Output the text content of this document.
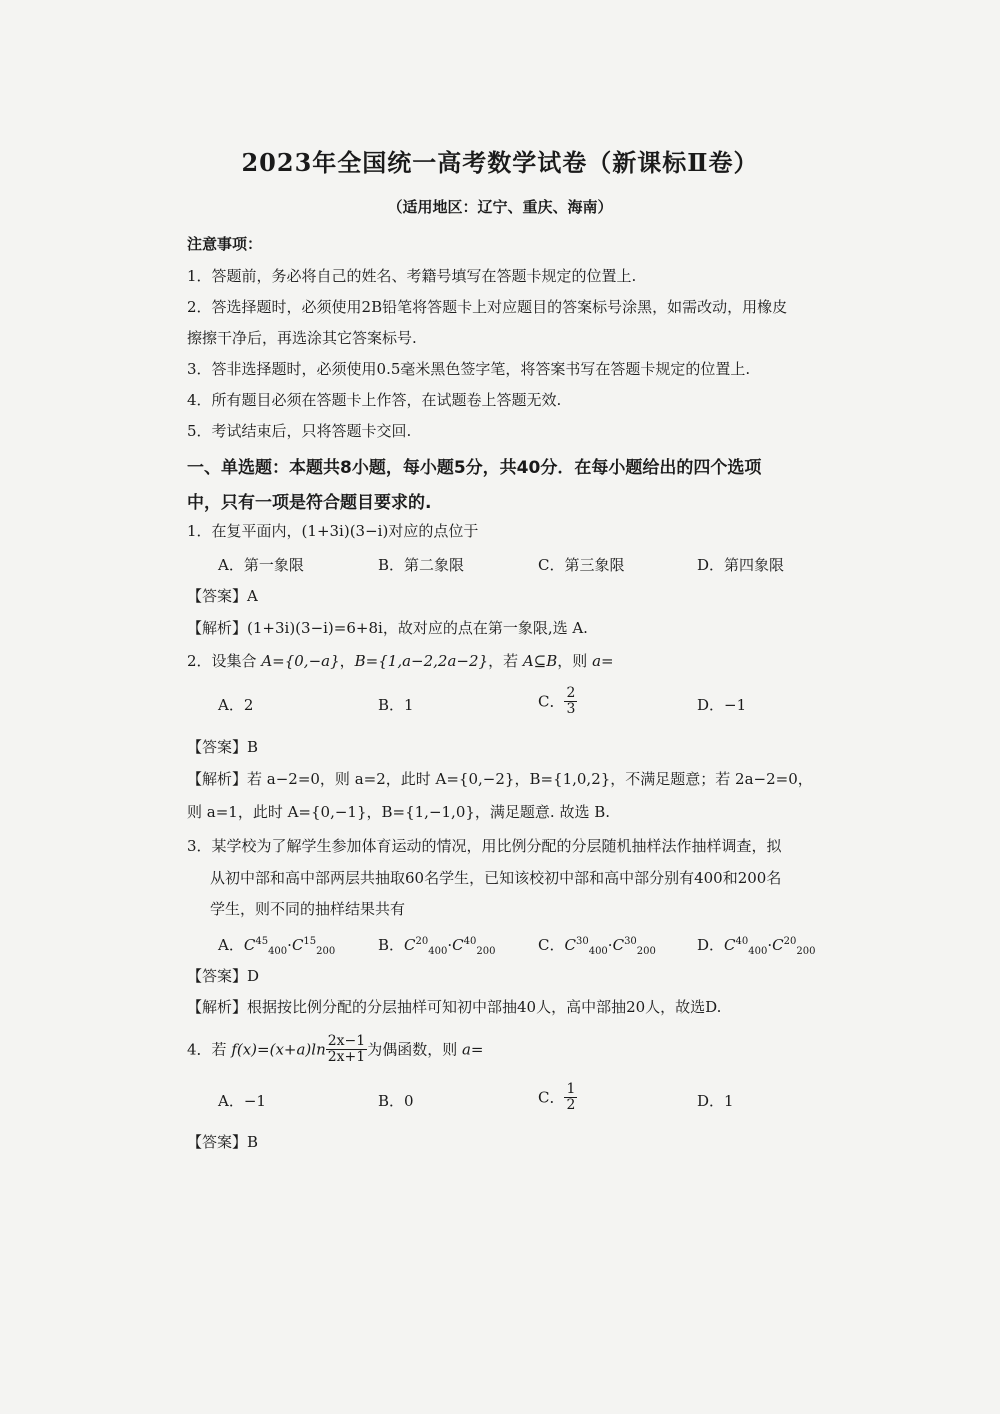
2023年全国统一高考数学试卷（新课标Ⅱ卷）
（适用地区：辽宁、重庆、海南）
注意事项：
1．答题前，务必将自己的姓名、考籍号填写在答题卡规定的位置上.
2．答选择题时，必须使用2B铅笔将答题卡上对应题目的答案标号涂黑，如需改动，用橡皮
擦擦干净后，再选涂其它答案标号.
3．答非选择题时，必须使用0.5毫米黑色签字笔，将答案书写在答题卡规定的位置上.
4．所有题目必须在答题卡上作答，在试题卷上答题无效.
5．考试结束后，只将答题卡交回.
一、单选题：本题共8小题，每小题5分，共40分．在每小题给出的四个选项
中，只有一项是符合题目要求的.
1．在复平面内，(1+3i)(3−i)对应的点位于
A．第一象限	B．第二象限	C．第三象限	D．第四象限
【答案】A
【解析】(1+3i)(3−i)=6+8i，故对应的点在第一象限,选 A.
2．设集合 A={0,−a}，B={1,a−2,2a−2}，若 A⊆B，则 a=
A．2	B．1	C． $\frac{2}{3}$	D．−1
【答案】B
【解析】若 a−2=0，则 a=2，此时 A={0,−2}，B={1,0,2}，不满足题意；若 2a−2=0，
则 a=1，此时 A={0,−1}，B={1,−1,0}，满足题意. 故选 B.
3．某学校为了解学生参加体育运动的情况，用比例分配的分层随机抽样法作抽样调查，拟
从初中部和高中部两层共抽取60名学生，已知该校初中部和高中部分别有400和200名
学生，则不同的抽样结果共有
A．$C^{45}_{400}\cdot C^{15}_{200}$	B．$C^{20}_{400}\cdot C^{40}_{200}$	C．$C^{30}_{400}\cdot C^{30}_{200}$	D．$C^{40}_{400}\cdot C^{20}_{200}$
【答案】D
【解析】根据按比例分配的分层抽样可知初中部抽40人，高中部抽20人，故选D.
4．若 $f(x)=(x+a)\ln \frac{2x-1}{2x+1}$ 为偶函数，则 a=
A．−1	B．0	C． $\frac{1}{2}$	D．1
【答案】B
